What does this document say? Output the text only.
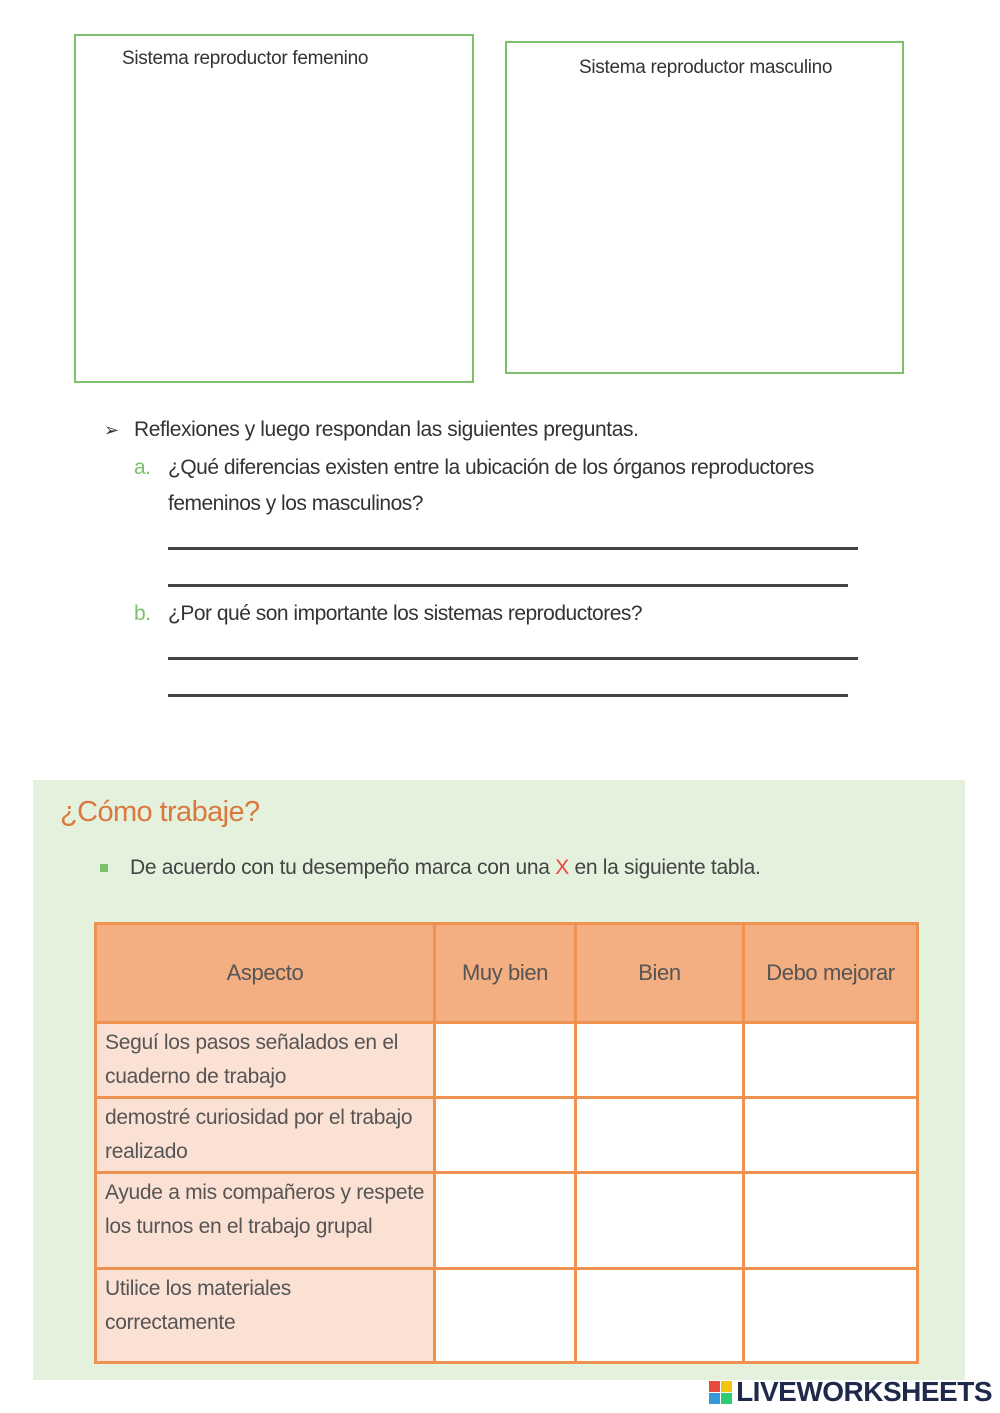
Sistema reproductor femenino	Sistema reproductor masculino
➢ Reflexiones y luego respondan las siguientes preguntas.
a. ¿Qué diferencias existen entre la ubicación de los órganos reproductores femeninos y los masculinos?
b. ¿Por qué son importante los sistemas reproductores?
¿Cómo trabaje?
De acuerdo con tu desempeño marca con una X en la siguiente tabla.
Aspecto	Muy bien	Bien	Debo mejorar
Seguí los pasos señalados en el cuaderno de trabajo			
demostré curiosidad por el trabajo realizado			
Ayude a mis compañeros y respete los turnos en el trabajo grupal			
Utilice los materiales correctamente			
LIVEWORKSHEETS
